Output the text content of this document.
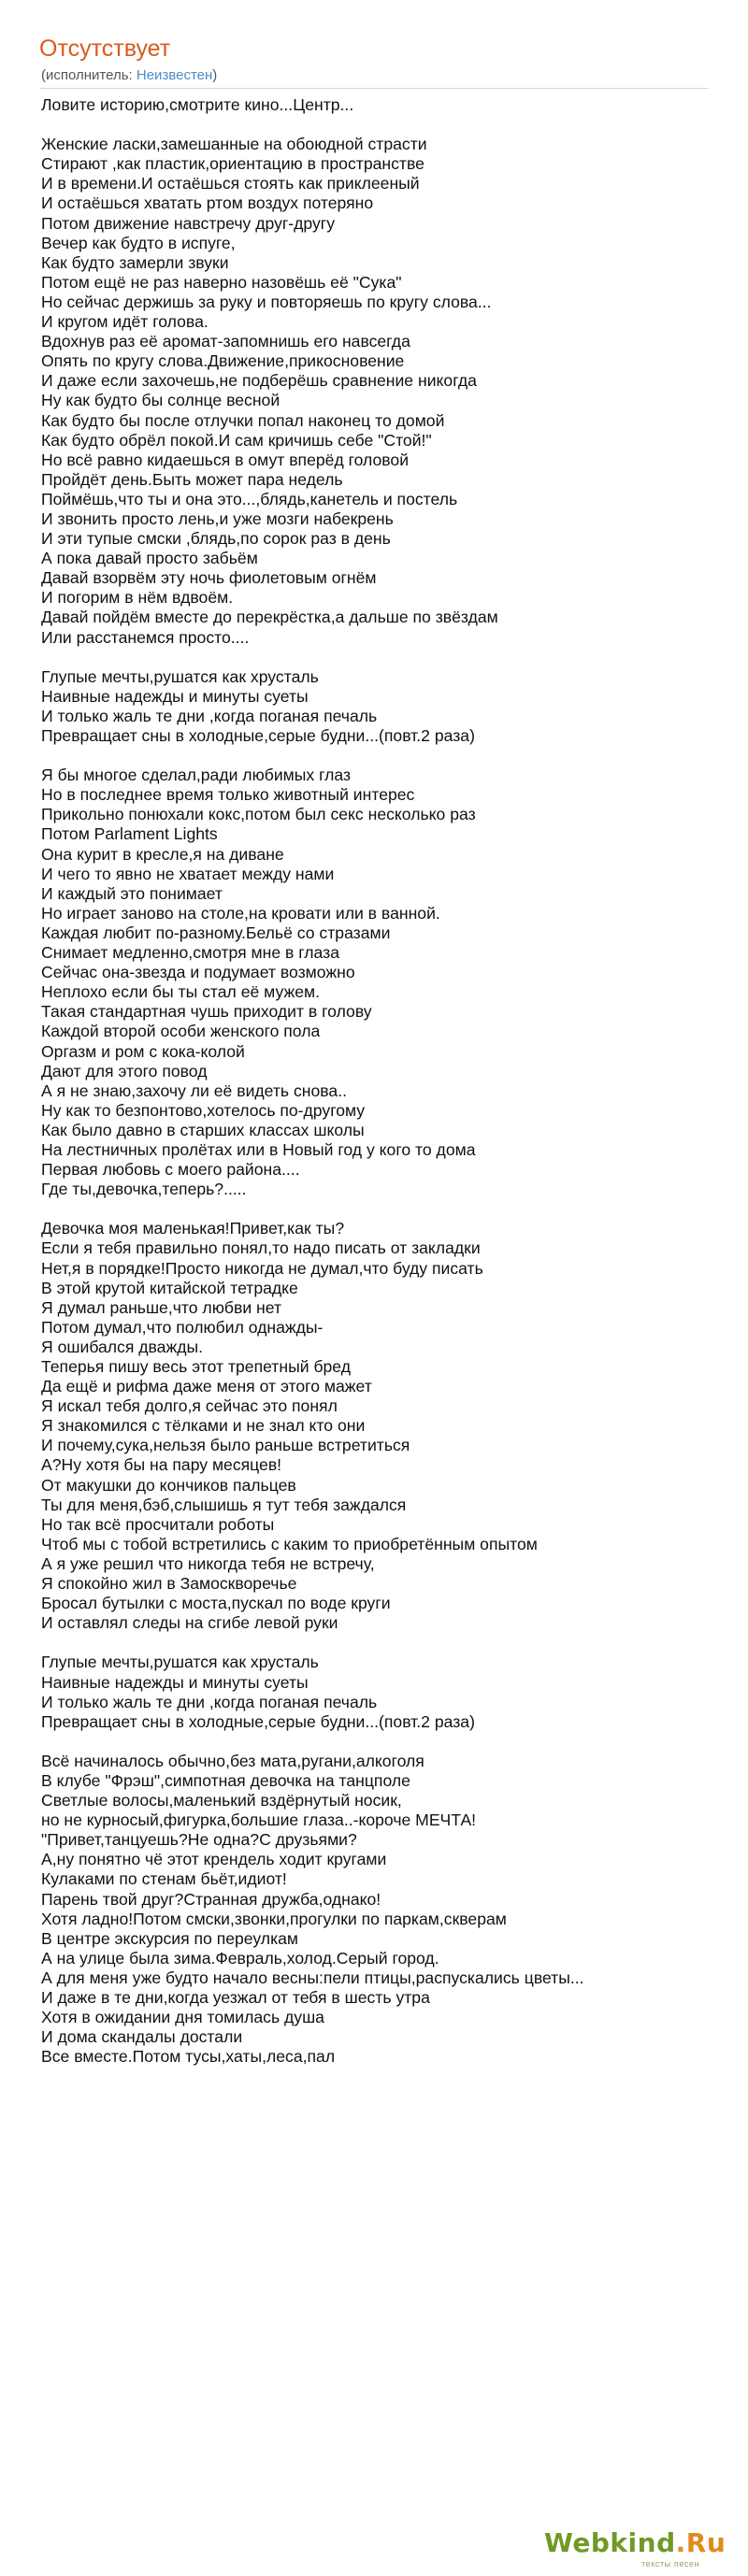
Отсутствует
(исполнитель: Неизвестен)
Ловите историю,смотрите кино...Центр...
Женские ласки,замешанные на обоюдной страсти
Стирают ,как пластик,ориентацию в пространстве
И в времени.И остаёшься стоять как приклееный
И остаёшься хватать ртом воздух потеряно
Потом движение навстречу друг-другу
Вечер как будто в испуге,
Как будто замерли звуки
Потом ещё не раз наверно назовёшь её "Сука"
Но сейчас держишь за руку и повторяешь по кругу слова...
И кругом идёт голова.
Вдохнув раз её аромат-запомнишь его навсегда
Опять по кругу слова.Движение,прикосновение
И даже если захочешь,не подберёшь сравнение никогда
Ну как будто бы солнце весной
Как будто бы после отлучки попал наконец то домой
Как будто обрёл покой.И сам кричишь себе "Стой!"
Но всё равно кидаешься в омут вперёд головой
Пройдёт день.Быть может пара недель
Поймёшь,что ты и она это...,блядь,канетель и постель
И звонить просто лень,и уже мозги набекрень
И эти тупые смски ,блядь,по сорок раз в день
А пока давай просто забьём
Давай взорвём эту ночь фиолетовым огнём
И погорим в нём вдвоём.
Давай пойдём вместе до перекрёстка,а дальше по звёздам
Или расстанемся просто....
Глупые мечты,рушатся как хрусталь
Наивные надежды и минуты суеты
И только жаль те дни ,когда поганая печаль
Превращает сны в холодные,серые будни...(повт.2 раза)
Я бы многое сделал,ради любимых глаз
Но в последнее время только животный интерес
Прикольно понюхали кокс,потом был секс несколько раз
Потом Parlament Lights
Она курит в кресле,я на диване
И чего то явно не хватает между нами
И каждый это понимает
Но играет заново на столе,на кровати или в ванной.
Каждая любит по-разному.Бельё со стразами
Снимает медленно,смотря мне в глаза
Сейчас она-звезда и подумает возможно
Неплохо если бы ты стал её мужем.
Такая стандартная чушь приходит в голову
Каждой второй особи женского пола
Оргазм и ром с кока-колой
Дают для этого повод
А я не знаю,захочу ли её видеть снова..
Ну как то безпонтово,хотелось по-другому
Как было давно в старших классах школы
На лестничных пролётах или в Новый год у кого то дома
Первая любовь с моего района....
Где ты,девочка,теперь?.....
Девочка моя маленькая!Привет,как ты?
Если я тебя правильно понял,то надо писать от закладки
Нет,я в порядке!Просто никогда не думал,что буду писать
В этой крутой китайской тетрадке
Я думал раньше,что любви нет
Потом думал,что полюбил однажды-
Я ошибался дважды.
Теперья пишу весь этот трепетный бред
Да ещё и рифма даже меня от этого мажет
Я искал тебя долго,я сейчас это понял
Я знакомился с тёлками и не знал кто они
И почему,сука,нельзя было раньше встретиться
А?Ну хотя бы на пару месяцев!
От макушки до кончиков пальцев
Ты для меня,бэб,слышишь я тут тебя заждался
Но так всё просчитали роботы
Чтоб мы с тобой встретились с каким то приобретённым опытом
А я уже решил что никогда тебя не встречу,
Я спокойно жил в Замоскворечье
Бросал бутылки с моста,пускал по воде круги
И оставлял следы на сгибе левой руки
Глупые мечты,рушатся как хрусталь
Наивные надежды и минуты суеты
И только жаль те дни ,когда поганая печаль
Превращает сны в холодные,серые будни...(повт.2 раза)
Всё начиналось обычно,без мата,ругани,алкоголя
В клубе "Фрэш",симпотная девочка на танцполе
Светлые волосы,маленький вздёрнутый носик,
но не курносый,фигурка,большие глаза..-короче МЕЧТА!
"Привет,танцуешь?Не одна?С друзьями?
А,ну понятно чё этот крендель ходит кругами
Кулаками по стенам бьёт,идиот!
Парень твой друг?Странная дружба,однако!
Хотя ладно!Потом смски,звонки,прогулки по паркам,скверам
В центре экскурсия по переулкам
А на улице была зима.Февраль,холод.Серый город.
А для меня уже будто начало весны:пели птицы,распускались цветы...
И даже в те дни,когда уезжал от тебя в шесть утра
Хотя в ожидании дня томилась душа
И дома скандалы достали
Все вместе.Потом тусы,хаты,леса,пал
Webkind.Ru
тексты песен
